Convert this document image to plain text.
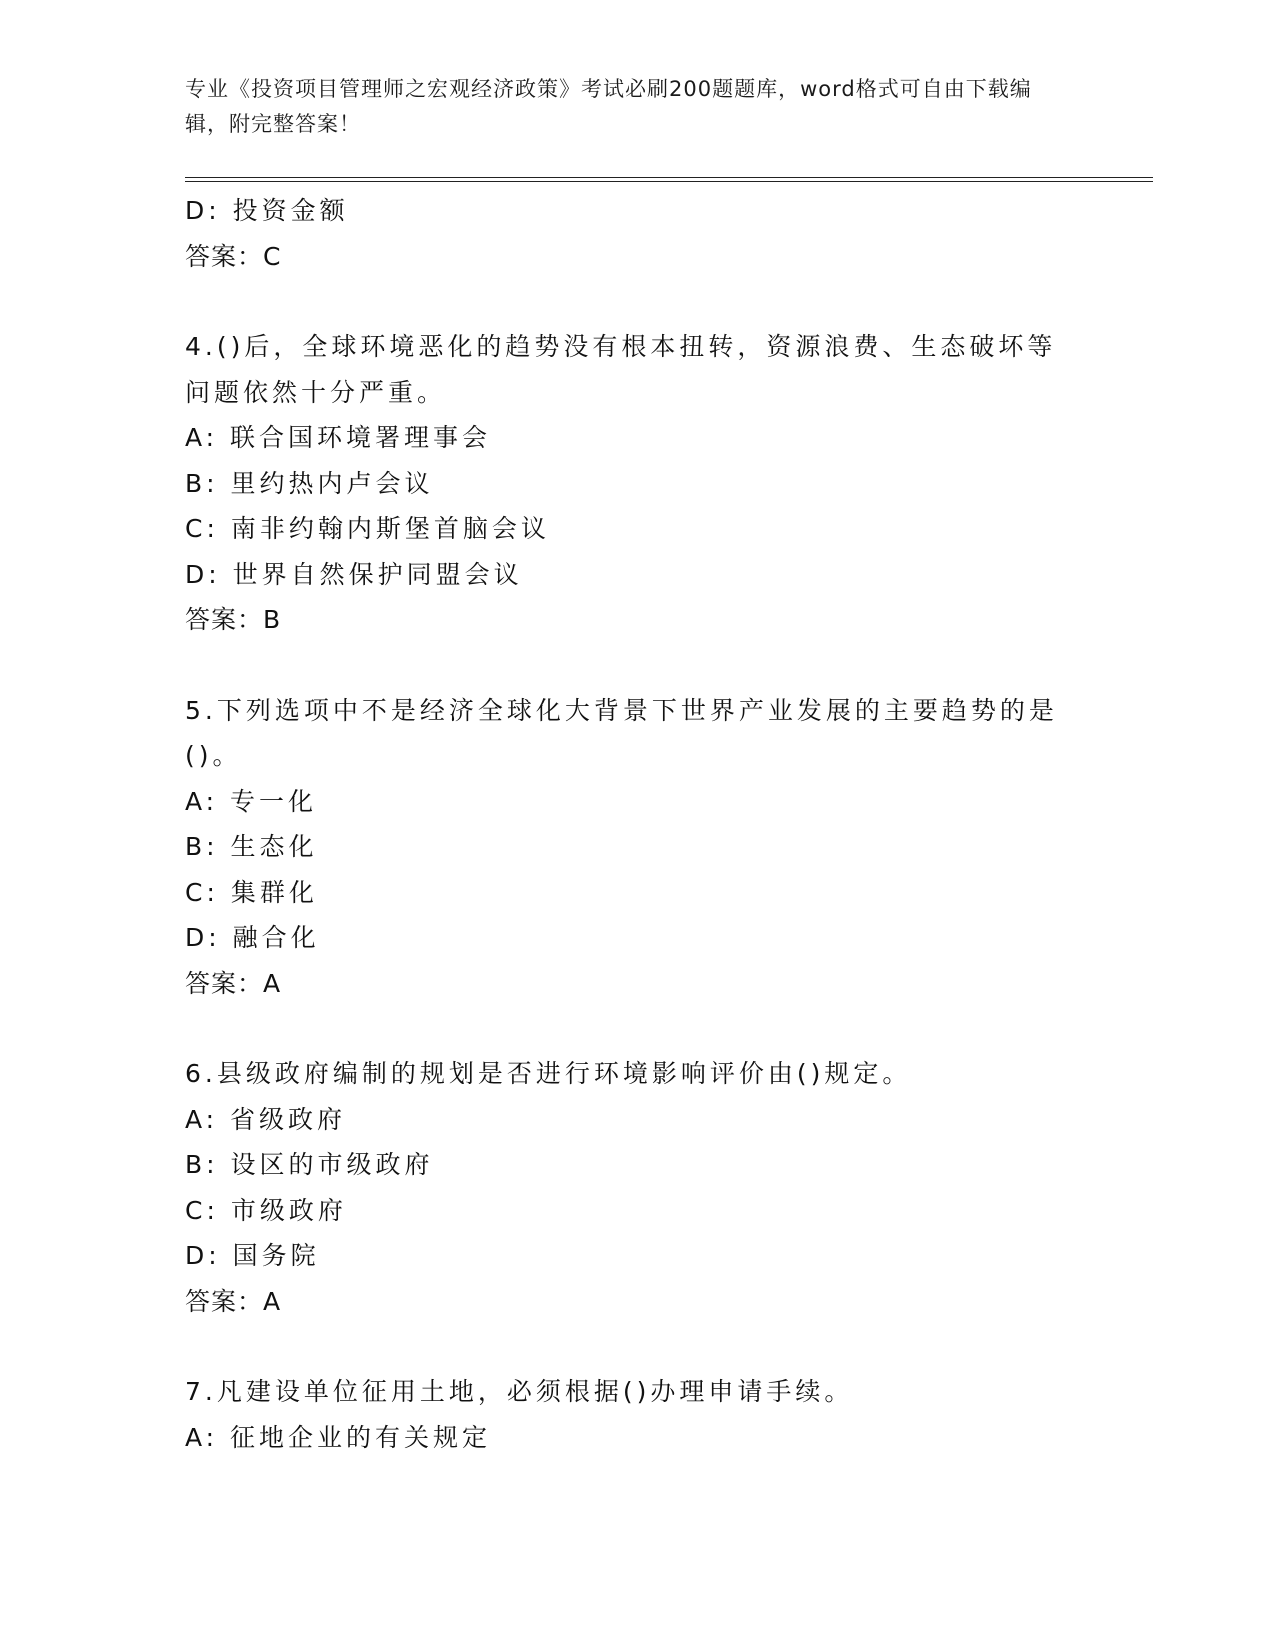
专业《投资项目管理师之宏观经济政策》考试必刷200题题库，word格式可自由下载编辑，附完整答案！
D: 投资金额
答案：C
4.()后，全球环境恶化的趋势没有根本扭转，资源浪费、生态破坏等问题依然十分严重。
A: 联合国环境署理事会
B: 里约热内卢会议
C: 南非约翰内斯堡首脑会议
D: 世界自然保护同盟会议
答案：B
5.下列选项中不是经济全球化大背景下世界产业发展的主要趋势的是()。
A: 专一化
B: 生态化
C: 集群化
D: 融合化
答案：A
6.县级政府编制的规划是否进行环境影响评价由()规定。
A: 省级政府
B: 设区的市级政府
C: 市级政府
D: 国务院
答案：A
7.凡建设单位征用土地，必须根据()办理申请手续。
A: 征地企业的有关规定
